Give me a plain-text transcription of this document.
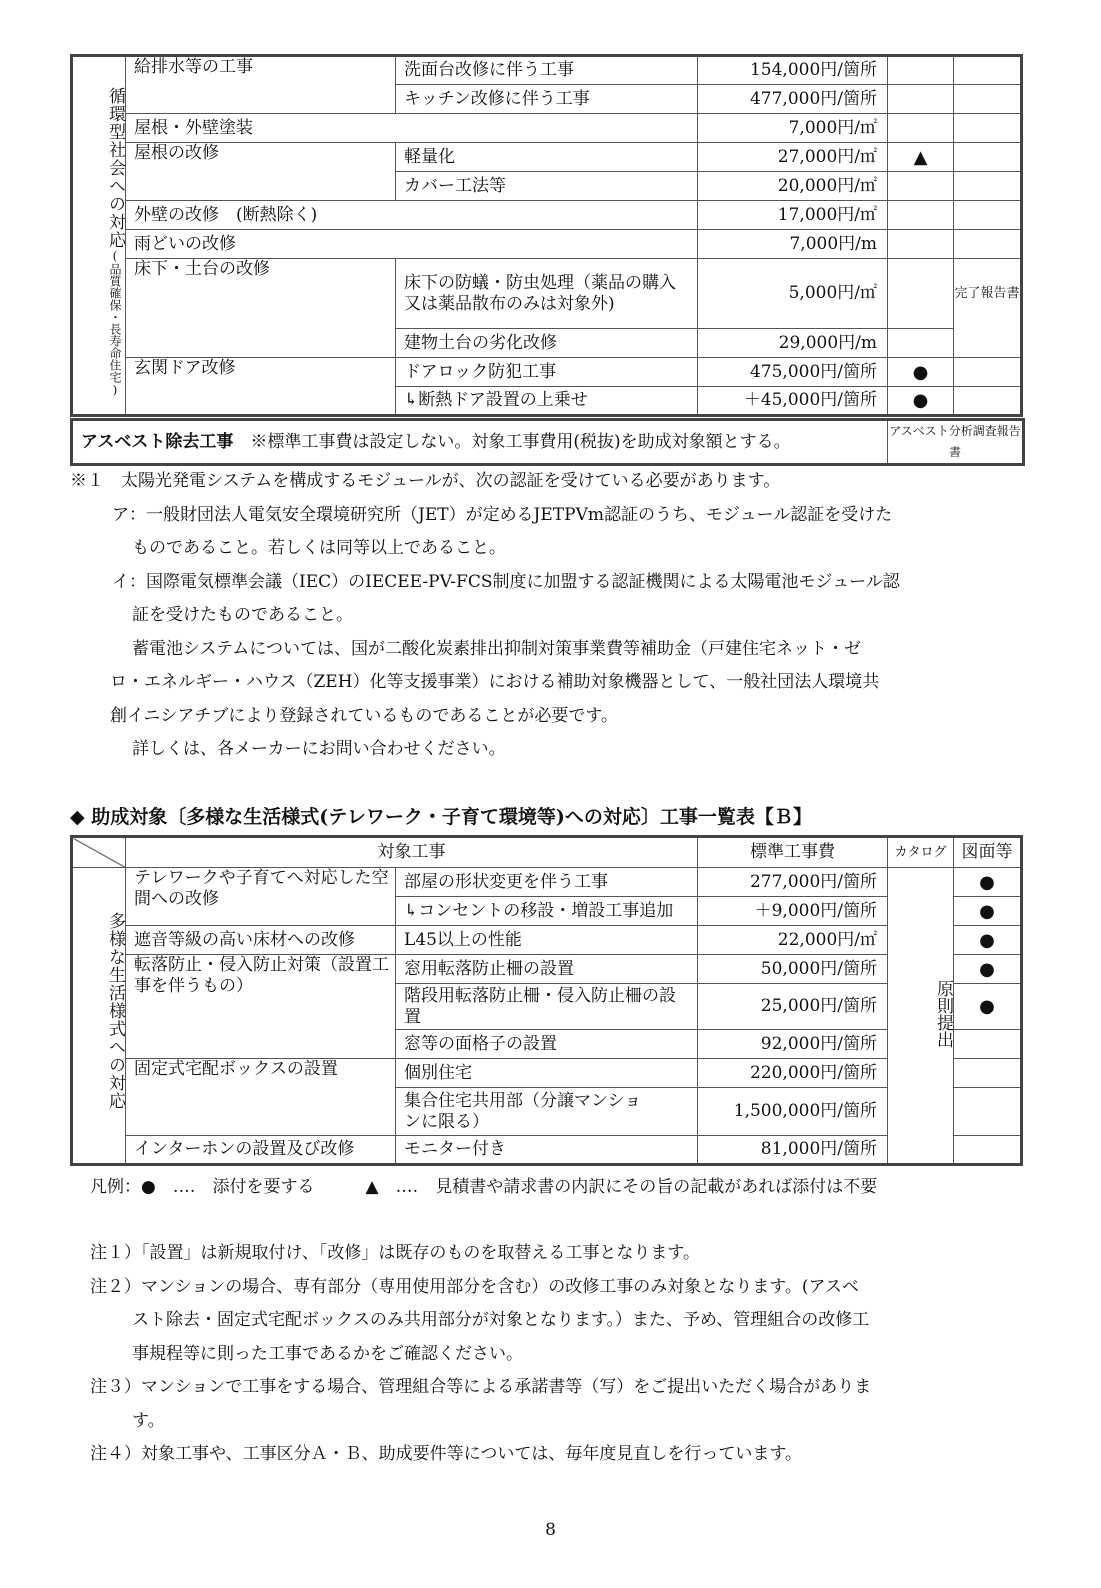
循環型社会への対応(品質確保・長寿命住宅)	給排水等の工事	洗面台改修に伴う工事	154,000円/箇所		
		キッチン改修に伴う工事	477,000円/箇所		
	屋根・外壁塗装		7,000円/㎡		
	屋根の改修	軽量化	27,000円/㎡	▲	
		カバー工法等	20,000円/㎡		
	外壁の改修　(断熱除く)		17,000円/㎡		
	雨どいの改修		7,000円/m		
	床下・土台の改修	床下の防蟻・防虫処理（薬品の購入又は薬品散布のみは対象外)	5,000円/㎡		完了報告書
		建物土台の劣化改修	29,000円/m		
	玄関ドア改修	ドアロック防犯工事	475,000円/箇所	●	
		↳断熱ドア設置の上乗せ	＋45,000円/箇所	●	
アスベスト除去工事　 ※標準工事費は設定しない。対象工事費用(税抜)を助成対象額とする。	アスベスト分析調査報告書

※１　太陽光発電システムを構成するモジュールが、次の認証を受けている必要があります。

ア：一般財団法人電気安全環境研究所（JET）が定めるJETPVm認証のうち、モジュール認証を受けた

ものであること。若しくは同等以上であること。

イ：国際電気標準会議（IEC）のIECEE-PV-FCS制度に加盟する認証機関による太陽電池モジュール認

証を受けたものであること。

蓄電池システムについては、国が二酸化炭素排出抑制対策事業費等補助金（戸建住宅ネット・ゼ

ロ・エネルギー・ハウス（ZEH）化等支援事業）における補助対象機器として、一般社団法人環境共

創イニシアチブにより登録されているものであることが必要です。

詳しくは、各メーカーにお問い合わせください。

◆ 助成対象〔多様な生活様式(テレワーク・子育て環境等)への対応〕工事一覧表【Ｂ】
	対象工事		標準工事費	カタログ	図面等
多様な生活様式への対応	テレワークや子育てへ対応した空間への改修	部屋の形状変更を伴う工事	277,000円/箇所	原則提出	●
		↳コンセントの移設・増設工事追加	＋9,000円/箇所		●
	遮音等級の高い床材への改修	L45以上の性能	22,000円/㎡		●
	転落防止・侵入防止対策（設置工事を伴うもの）	窓用転落防止柵の設置	50,000円/箇所		●
		階段用転落防止柵・侵入防止柵の設置	25,000円/箇所		●
		窓等の面格子の設置	92,000円/箇所		
	固定式宅配ボックスの設置	個別住宅	220,000円/箇所		
		集合住宅共用部（分譲マンションに限る）	1,500,000円/箇所		
	インターホンの設置及び改修	モニター付き	81,000円/箇所		
凡例：●　‥‥　添付を要する　　　▲　‥‥　見積書や請求書の内訳にその旨の記載があれば添付は不要

注１）「設置」は新規取付け、「改修」は既存のものを取替える工事となります。

注２）マンションの場合、専有部分（専用使用部分を含む）の改修工事のみ対象となります。(アスベ

スト除去・固定式宅配ボックスのみ共用部分が対象となります。）また、予め、管理組合の改修工

事規程等に則った工事であるかをご確認ください。

注３）マンションで工事をする場合、管理組合等による承諾書等（写）をご提出いただく場合がありま

す。

注４）対象工事や、工事区分Ａ・Ｂ、助成要件等については、毎年度見直しを行っています。

8
